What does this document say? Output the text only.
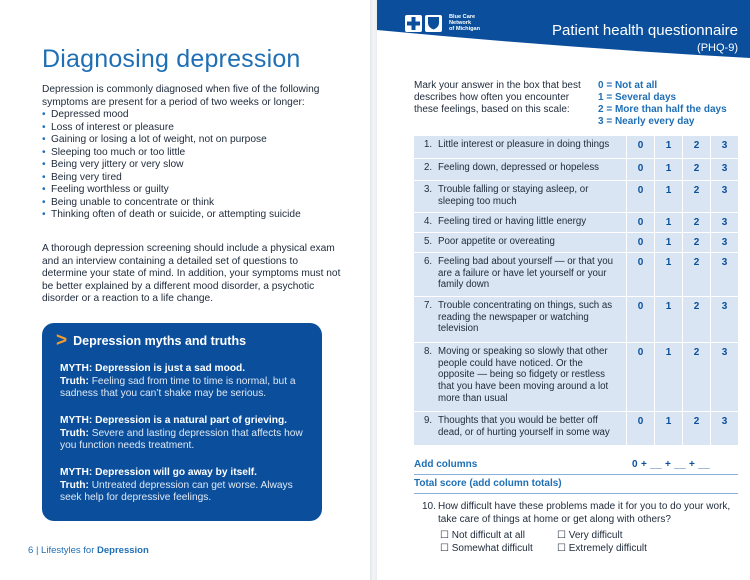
Diagnosing depression

Depression is commonly diagnosed when five of the following symptoms are present for a period of two weeks or longer:

• Depressed mood
• Loss of interest or pleasure
• Gaining or losing a lot of weight, not on purpose
• Sleeping too much or too little
• Being very jittery or very slow
• Being very tired
• Feeling worthless or guilty
• Being unable to concentrate or think
• Thinking often of death or suicide, or attempting suicide

A thorough depression screening should include a physical exam and an interview containing a detailed set of questions to determine your state of mind. In addition, your symptoms must not be better explained by a different mood disorder, a psychotic disorder or a reaction to a life change.

> Depression myths and truths
MYTH: Depression is just a sad mood.
Truth: Feeling sad from time to time is normal, but a sadness that you can’t shake may be serious.
MYTH: Depression is a natural part of grieving.
Truth: Severe and lasting depression that affects how you function needs treatment.
MYTH: Depression will go away by itself.
Truth: Untreated depression can get worse. Always seek help for depressive feelings.
6 | Lifestyles for Depression
Blue Care
Network
of Michigan	Patient health questionnaire
(PHQ-9)

Mark your answer in the box that best describes how often you encounter these feelings, based on this scale:

0 = Not at all
1 = Several days
2 = More than half the days
3 = Nearly every day
1. Little interest or pleasure in doing things	0	1	2	3
2. Feeling down, depressed or hopeless	0	1	2	3
3. Trouble falling or staying asleep, or sleeping too much
0	1	2	3
4. Feeling tired or having little energy	0	1	2	3
5. Poor appetite or overeating	0	1	2	3
6. Feeling bad about yourself — or that you are a failure or have let yourself or your family down
0	1	2	3
7. Trouble concentrating on things, such as reading the newspaper or watching television
0	1	2	3
8. Moving or speaking so slowly that other people could have noticed. Or the opposite — being so fidgety or restless that you have been moving around a lot more than usual
0	1	2	3
9. Thoughts that you would be better off dead, or of hurting yourself in some way
0	1	2	3
Add columns	0 + __ + __ + __
Total score (add column totals)
10. How difficult have these problems made it for you to do your work, take care of things at home or get along with others?

☐ Not difficult at all	☐ Very difficult
☐ Somewhat difficult	☐ Extremely difficult
